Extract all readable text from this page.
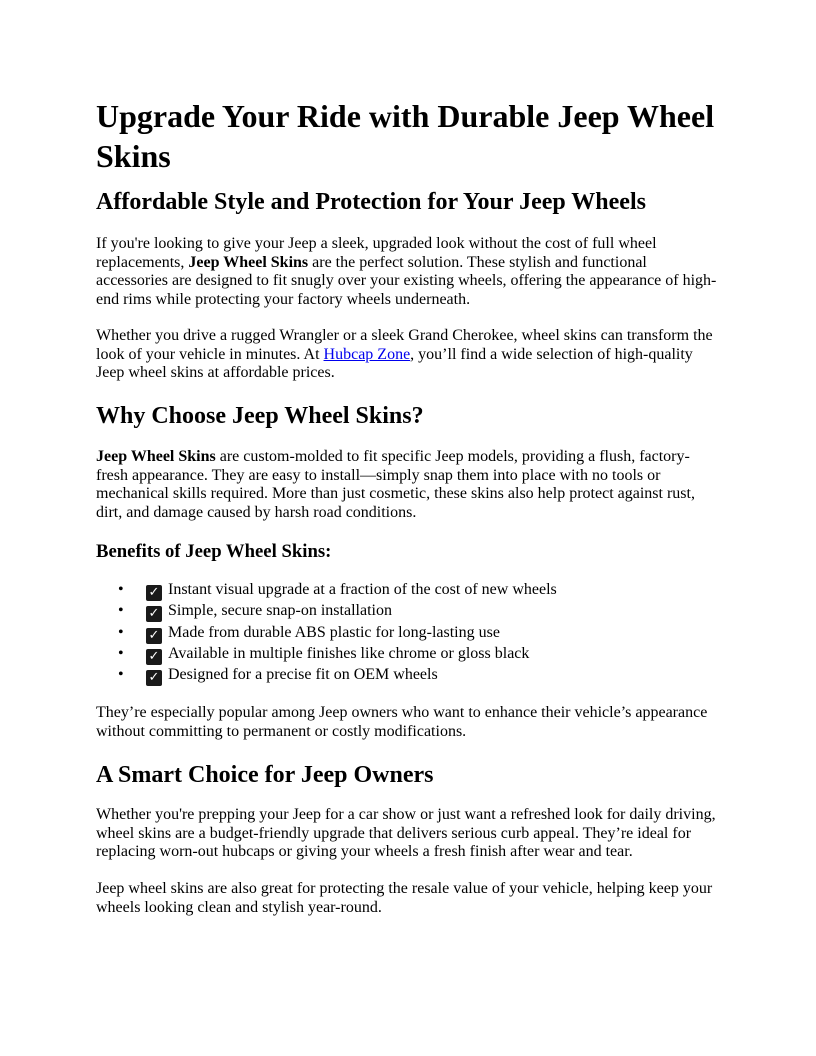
Upgrade Your Ride with Durable Jeep Wheel Skins
Affordable Style and Protection for Your Jeep Wheels

If you're looking to give your Jeep a sleek, upgraded look without the cost of full wheel replacements, Jeep Wheel Skins are the perfect solution. These stylish and functional accessories are designed to fit snugly over your existing wheels, offering the appearance of high-end rims while protecting your factory wheels underneath.

Whether you drive a rugged Wrangler or a sleek Grand Cherokee, wheel skins can transform the look of your vehicle in minutes. At Hubcap Zone, you’ll find a wide selection of high-quality Jeep wheel skins at affordable prices.

Why Choose Jeep Wheel Skins?

Jeep Wheel Skins are custom-molded to fit specific Jeep models, providing a flush, factory-fresh appearance. They are easy to install—simply snap them into place with no tools or mechanical skills required. More than just cosmetic, these skins also help protect against rust, dirt, and damage caused by harsh road conditions.

Benefits of Jeep Wheel Skins:
• ✓ Instant visual upgrade at a fraction of the cost of new wheels
• ✓ Simple, secure snap-on installation
• ✓ Made from durable ABS plastic for long-lasting use
• ✓ Available in multiple finishes like chrome or gloss black
• ✓ Designed for a precise fit on OEM wheels

They’re especially popular among Jeep owners who want to enhance their vehicle’s appearance without committing to permanent or costly modifications.

A Smart Choice for Jeep Owners

Whether you're prepping your Jeep for a car show or just want a refreshed look for daily driving, wheel skins are a budget-friendly upgrade that delivers serious curb appeal. They’re ideal for replacing worn-out hubcaps or giving your wheels a fresh finish after wear and tear.

Jeep wheel skins are also great for protecting the resale value of your vehicle, helping keep your wheels looking clean and stylish year-round.
